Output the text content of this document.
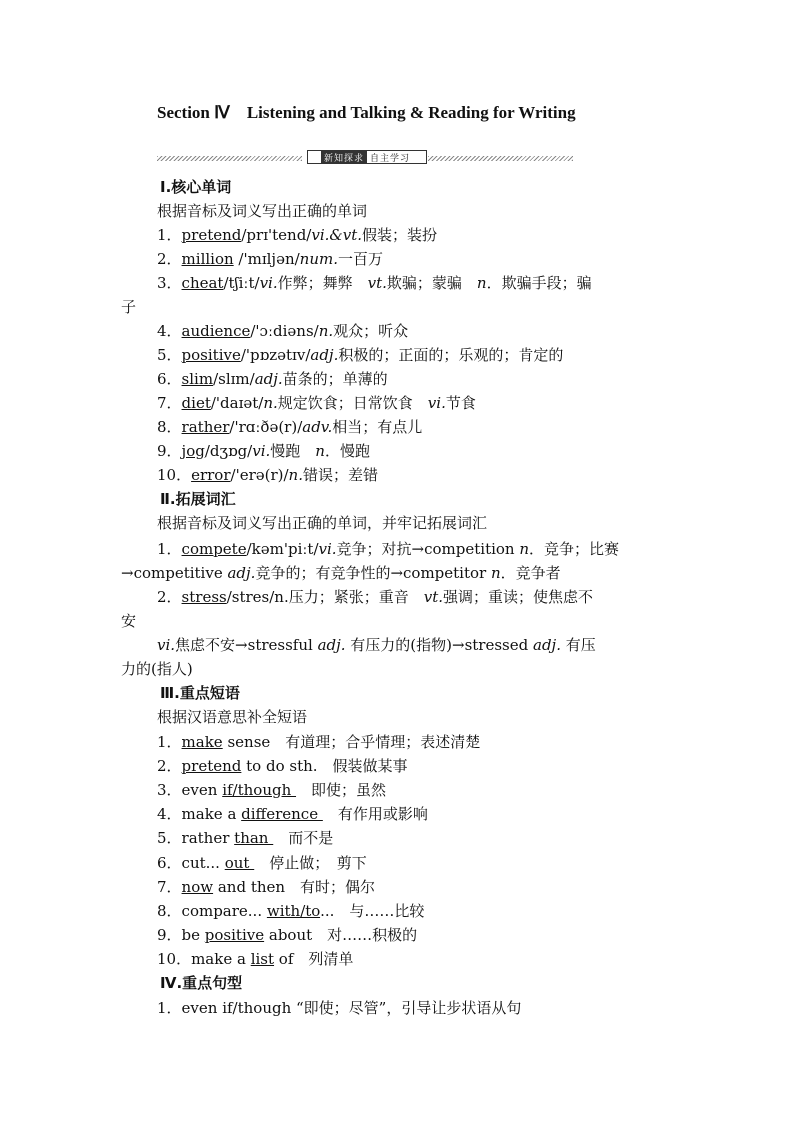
Section Ⅳ　Listening and Talking & Reading for Writing
新知探求 自主学习
Ⅰ.核心单词
根据音标及词义写出正确的单词
1．pretend/prɪ'tend/vi.&vt.假装；装扮
2．million /'mɪljən/num.一百万
3．cheat/tʃiːt/vi.作弊；舞弊　vt.欺骗；蒙骗　n．欺骗手段；骗
子
4．audience/'ɔːdiəns/n.观众；听众
5．positive/'pɒzətɪv/adj.积极的；正面的；乐观的；肯定的
6．slim/slɪm/adj.苗条的；单薄的
7．diet/'daɪət/n.规定饮食；日常饮食　vi.节食
8．rather/'rɑːðə(r)/adv.相当；有点儿
9．jog/dʒɒg/vi.慢跑　n．慢跑
10．error/'erə(r)/n.错误；差错
Ⅱ.拓展词汇
根据音标及词义写出正确的单词，并牢记拓展词汇
1．compete/kəm'piːt/vi.竞争；对抗→competition n．竞争；比赛
→competitive adj.竞争的；有竞争性的→competitor n．竞争者
2．stress/stres/n.压力；紧张；重音　vt.强调；重读；使焦虑不
安
vi.焦虑不安→stressful adj. 有压力的(指物)→stressed adj. 有压
力的(指人)
Ⅲ.重点短语
根据汉语意思补全短语
1．make sense　有道理；合乎情理；表述清楚
2．pretend to do sth.　假装做某事
3．even if/though 　即使；虽然
4．make a difference 　有作用或影响
5．rather than 　而不是
6．cut... out 　停止做；　剪下
7．now and then　有时；偶尔
8．compare... with/to...　与……比较
9．be positive about　对……积极的
10．make a list of　列清单
Ⅳ.重点句型
1．even if/though “即使；尽管”，引导让步状语从句
